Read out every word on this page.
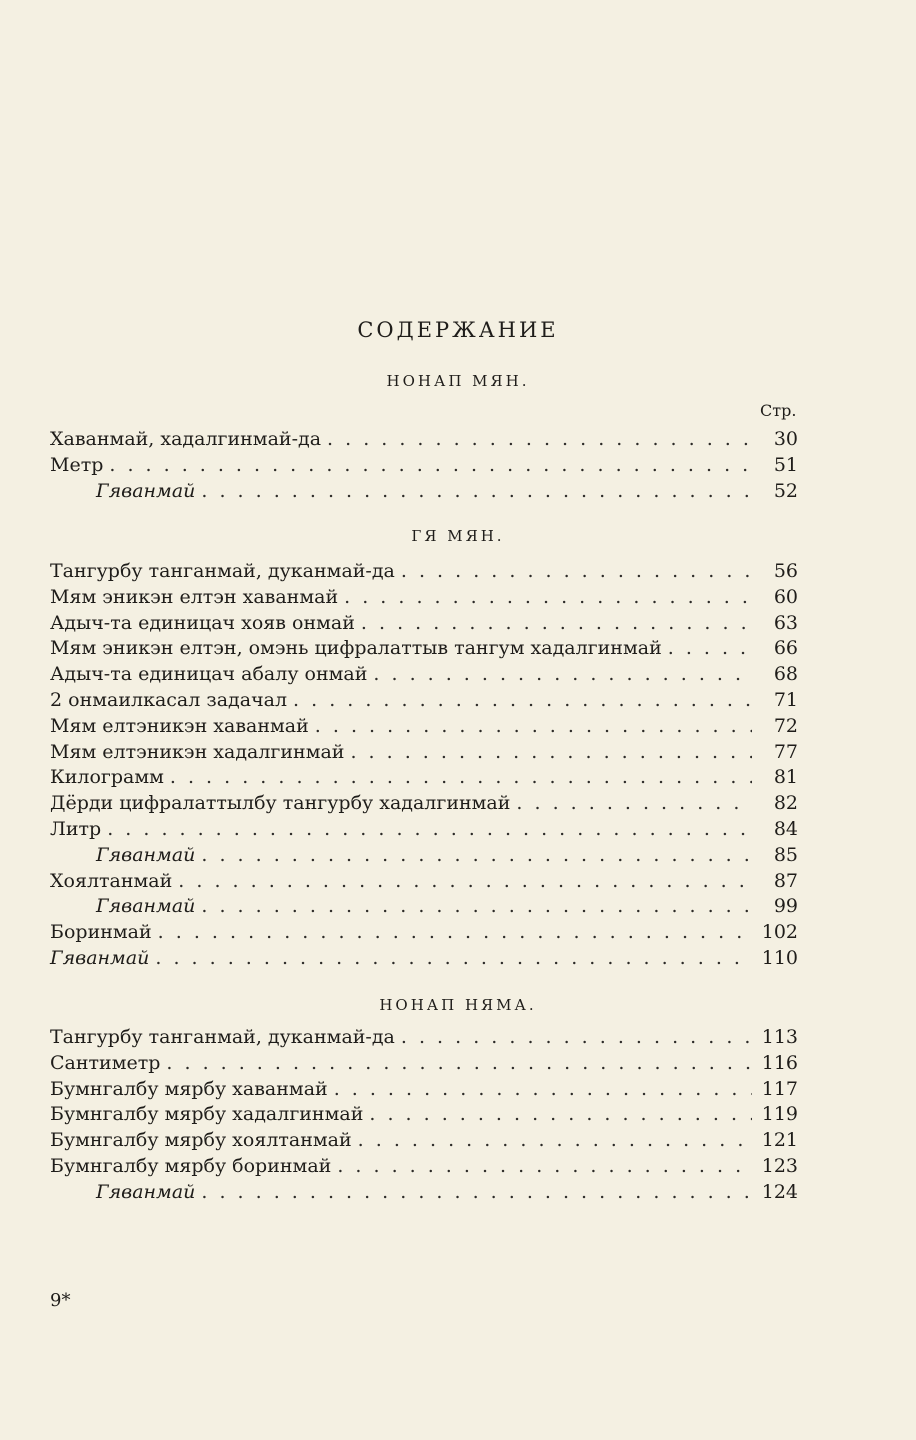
СОДЕРЖАНИЕ
НОНАП МЯН.
Стр.
Хаванмай, хадалгинмай-да . . .	30
Метр . . .	51
Гяванмай . . .	52
ГЯ МЯН.
Тангурбу танганмай, дуканмай-да . . .	56
Мям эникэн елтэн хаванмай . . .	60
Адыч-та единицач хояв онмай . . .	63
Мям эникэн елтэн, омэнь цифралаттыв тангум хадалгинмай . . .	66
Адыч-та единицач абалу онмай . . .	68
2 онмаилкасал задачал . . .	71
Мям елтэникэн хаванмай . . .	72
Мям елтэникэн хадалгинмай . . .	77
Килограмм . . .	81
Дёрди цифралаттылбу тангурбу хадалгинмай . . .	82
Литр . . .	84
Гяванмай . . .	85
Хоялтанмай . . .	87
Гяванмай . . .	99
Боринмай . . .	102
Гяванмай . . .	110
НОНАП НЯМА.
Тангурбу танганмай, дуканмай-да . . .	113
Сантиметр . . .	116
Бумнгалбу мярбу хаванмай . . .	117
Бумнгалбу мярбу хадалгинмай . . .	119
Бумнгалбу мярбу хоялтанмай . . .	121
Бумнгалбу мярбу боринмай . . .	123
Гяванмай . . .	124
9*
